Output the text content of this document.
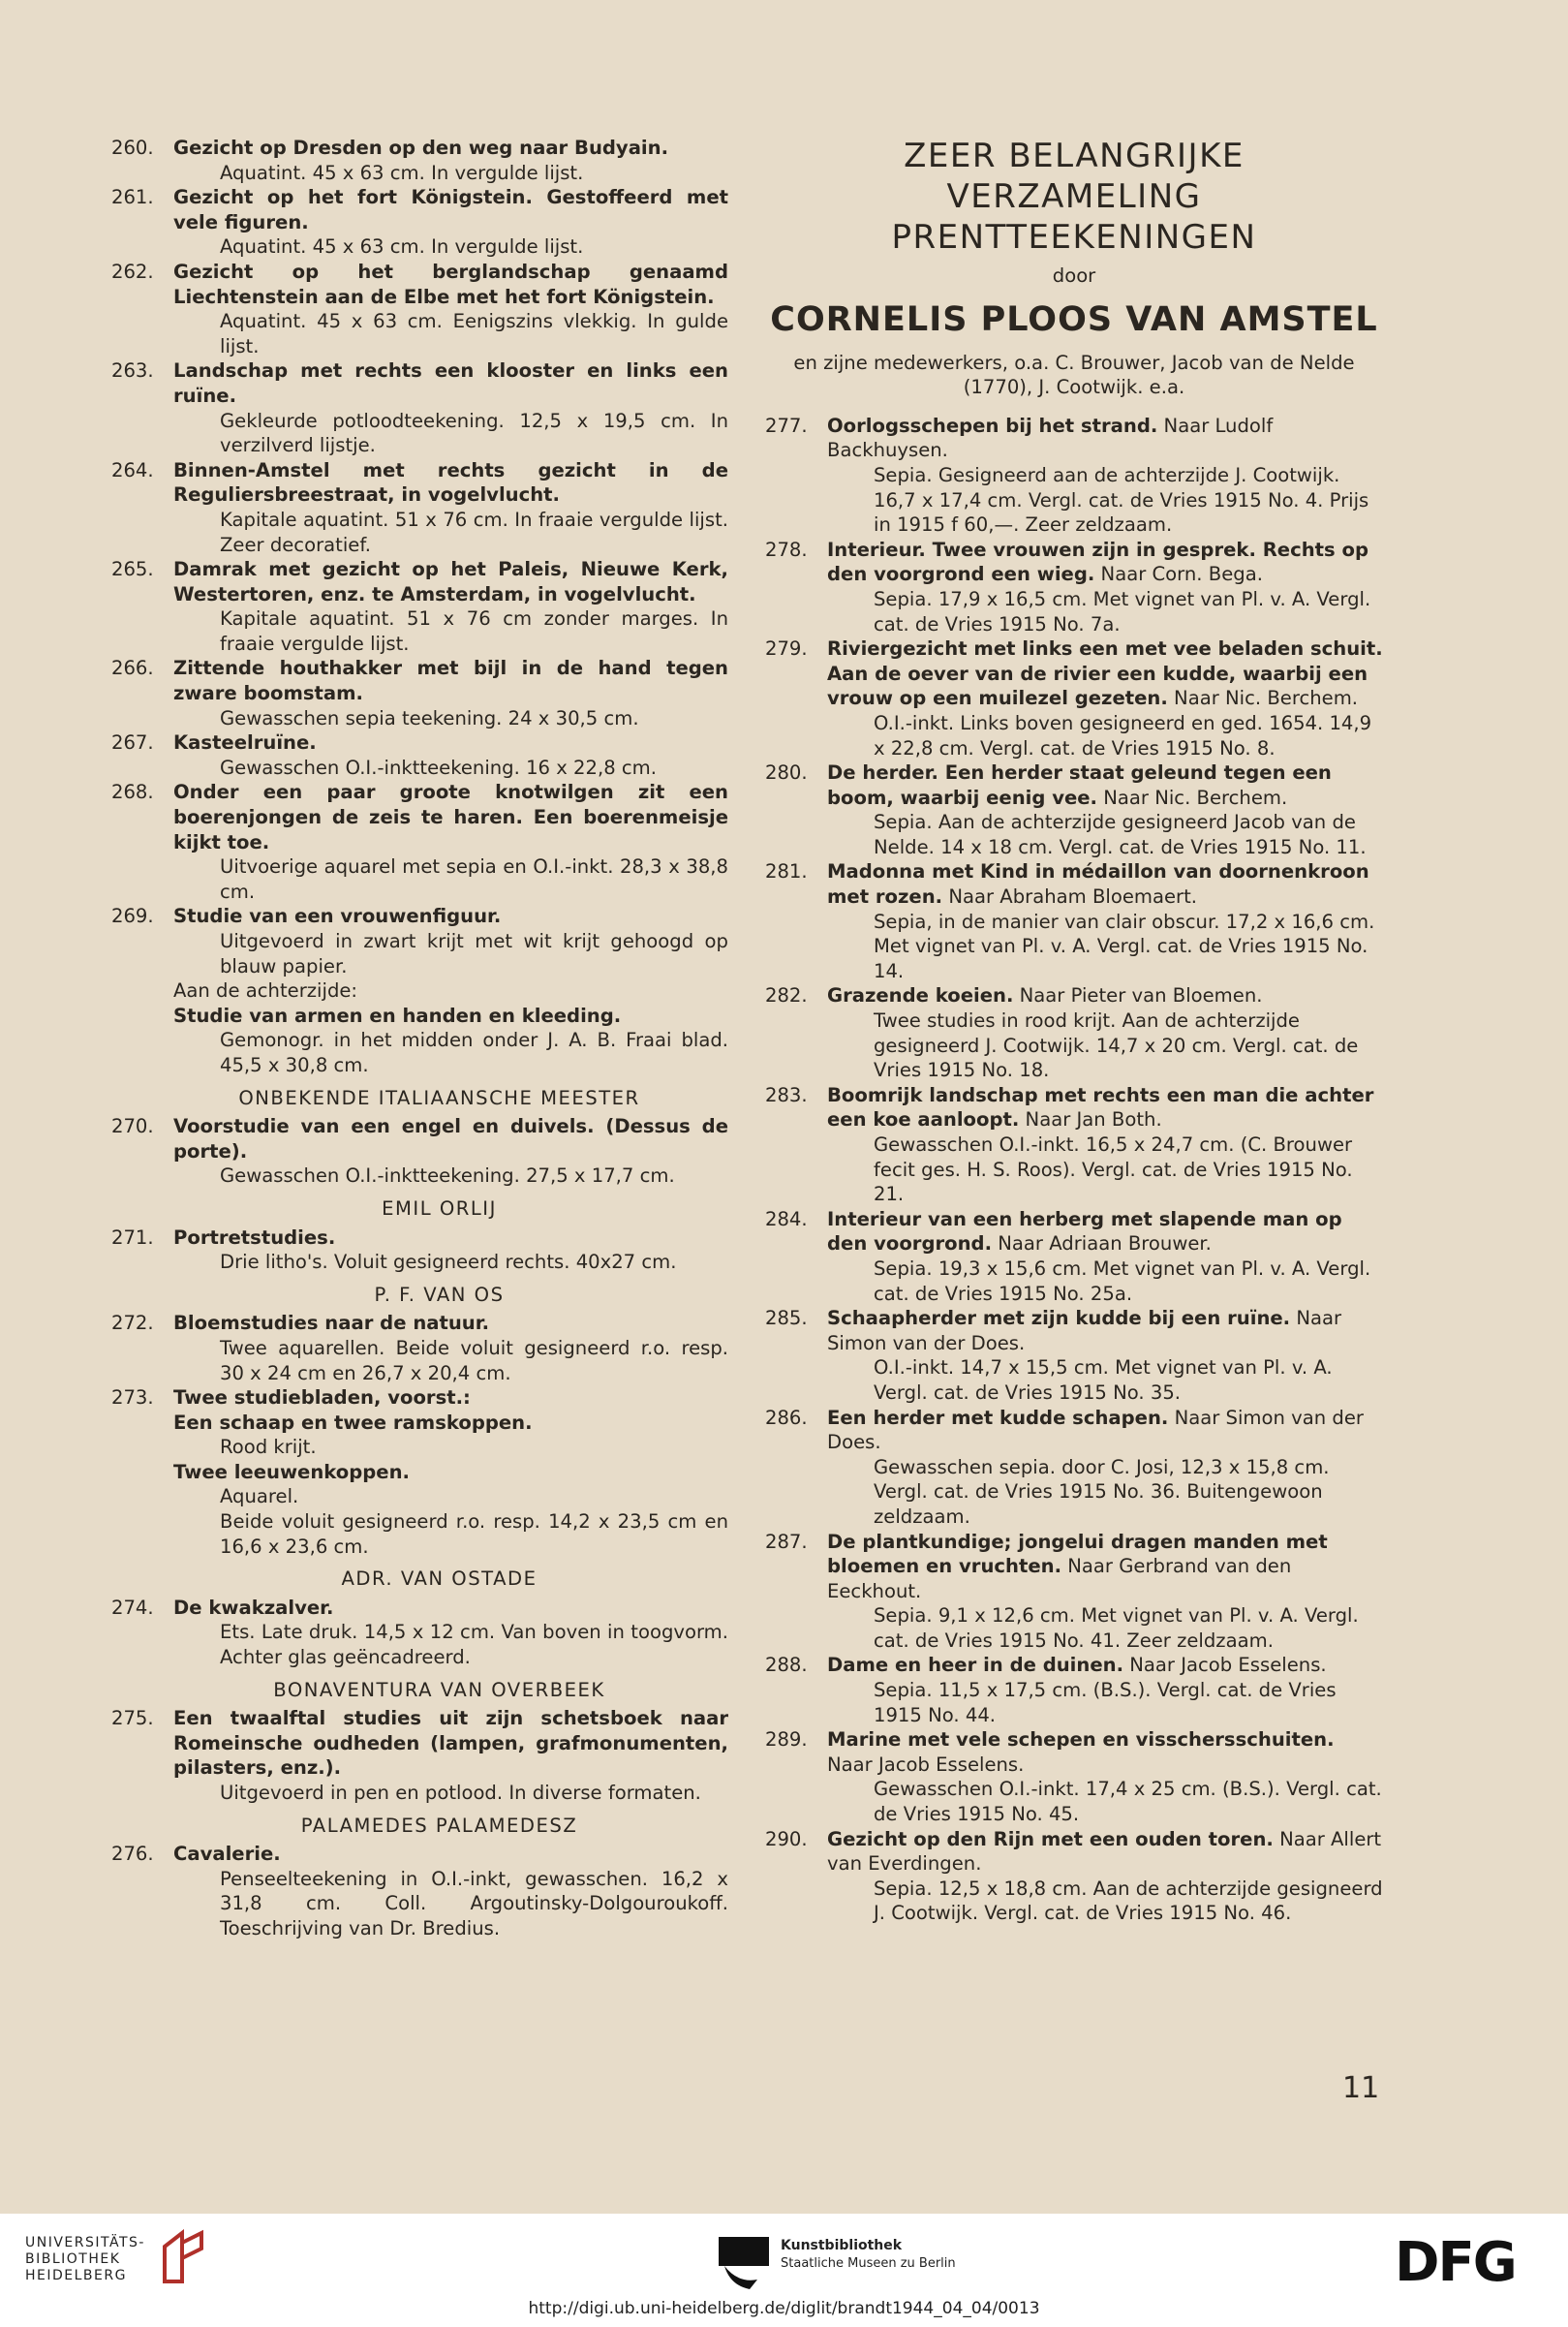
260.	Gezicht op Dresden op den weg naar Budyain.
Aquatint. 45 x 63 cm. In vergulde lijst.
261.	Gezicht op het fort Königstein. Gestoffeerd met vele figuren.
Aquatint. 45 x 63 cm. In vergulde lijst.
262.	Gezicht op het berglandschap genaamd Liechtenstein aan de Elbe met het fort Königstein.
Aquatint. 45 x 63 cm. Eenigszins vlekkig. In gulde lijst.
263.	Landschap met rechts een klooster en links een ruïne.
Gekleurde potloodteekening. 12,5 x 19,5 cm. In verzilverd lijstje.
264.	Binnen-Amstel met rechts gezicht in de Reguliersbreestraat, in vogelvlucht.
Kapitale aquatint. 51 x 76 cm. In fraaie vergulde lijst. Zeer decoratief.
265.	Damrak met gezicht op het Paleis, Nieuwe Kerk, Westertoren, enz. te Amsterdam, in vogelvlucht.
Kapitale aquatint. 51 x 76 cm zonder marges. In fraaie vergulde lijst.
266.	Zittende houthakker met bijl in de hand tegen zware boomstam.
Gewasschen sepia teekening. 24 x 30,5 cm.
267.	Kasteelruïne.
Gewasschen O.I.-inktteekening. 16 x 22,8 cm.
268.	Onder een paar groote knotwilgen zit een boerenjongen de zeis te haren. Een boerenmeisje kijkt toe.
Uitvoerige aquarel met sepia en O.I.-inkt. 28,3 x 38,8 cm.
269.	Studie van een vrouwenfiguur.
Uitgevoerd in zwart krijt met wit krijt gehoogd op blauw papier.
Aan de achterzijde:
Studie van armen en handen en kleeding.
Gemonogr. in het midden onder J. A. B. Fraai blad. 45,5 x 30,8 cm.
ONBEKENDE ITALIAANSCHE MEESTER
270.	Voorstudie van een engel en duivels. (Dessus de porte).
Gewasschen O.I.-inktteekening. 27,5 x 17,7 cm.
EMIL ORLIJ
271.	Portretstudies.
Drie litho's. Voluit gesigneerd rechts. 40x27 cm.
P. F. VAN OS
272.	Bloemstudies naar de natuur.
Twee aquarellen. Beide voluit gesigneerd r.o. resp. 30 x 24 cm en 26,7 x 20,4 cm.
273.	Twee studiebladen, voorst.:
Een schaap en twee ramskoppen.
Rood krijt.
Twee leeuwenkoppen.
Aquarel.
Beide voluit gesigneerd r.o. resp. 14,2 x 23,5 cm en 16,6 x 23,6 cm.
ADR. VAN OSTADE
274.	De kwakzalver.
Ets. Late druk. 14,5 x 12 cm. Van boven in toogvorm. Achter glas geëncadreerd.
BONAVENTURA VAN OVERBEEK
275.	Een twaalftal studies uit zijn schetsboek naar Romeinsche oudheden (lampen, grafmonumenten, pilasters, enz.).
Uitgevoerd in pen en potlood. In diverse formaten.
PALAMEDES PALAMEDESZ
276.	Cavalerie.
Penseelteekening in O.I.-inkt, gewasschen. 16,2 x 31,8 cm. Coll. Argoutinsky-Dolgouroukoff. Toeschrijving van Dr. Bredius.
ZEER BELANGRIJKE
VERZAMELING PRENTTEEKENINGEN
door
CORNELIS PLOOS VAN AMSTEL
en zijne medewerkers, o.a. C. Brouwer, Jacob van de Nelde (1770), J. Cootwijk. e.a.
277.	Oorlogsschepen bij het strand. Naar Ludolf Backhuysen.
Sepia. Gesigneerd aan de achterzijde J. Cootwijk. 16,7 x 17,4 cm. Vergl. cat. de Vries 1915 No. 4. Prijs in 1915 f 60,—. Zeer zeldzaam.
278.	Interieur. Twee vrouwen zijn in gesprek. Rechts op den voorgrond een wieg. Naar Corn. Bega.
Sepia. 17,9 x 16,5 cm. Met vignet van Pl. v. A. Vergl. cat. de Vries 1915 No. 7a.
279.	Riviergezicht met links een met vee beladen schuit. Aan de oever van de rivier een kudde, waarbij een vrouw op een muilezel gezeten. Naar Nic. Berchem.
O.I.-inkt. Links boven gesigneerd en ged. 1654. 14,9 x 22,8 cm. Vergl. cat. de Vries 1915 No. 8.
280.	De herder. Een herder staat geleund tegen een boom, waarbij eenig vee. Naar Nic. Berchem.
Sepia. Aan de achterzijde gesigneerd Jacob van de Nelde. 14 x 18 cm. Vergl. cat. de Vries 1915 No. 11.
281.	Madonna met Kind in médaillon van doornenkroon met rozen. Naar Abraham Bloemaert.
Sepia, in de manier van clair obscur. 17,2 x 16,6 cm. Met vignet van Pl. v. A. Vergl. cat. de Vries 1915 No. 14.
282.	Grazende koeien. Naar Pieter van Bloemen.
Twee studies in rood krijt. Aan de achterzijde gesigneerd J. Cootwijk. 14,7 x 20 cm. Vergl. cat. de Vries 1915 No. 18.
283.	Boomrijk landschap met rechts een man die achter een koe aanloopt. Naar Jan Both.
Gewasschen O.I.-inkt. 16,5 x 24,7 cm. (C. Brouwer fecit ges. H. S. Roos). Vergl. cat. de Vries 1915 No. 21.
284.	Interieur van een herberg met slapende man op den voorgrond. Naar Adriaan Brouwer.
Sepia. 19,3 x 15,6 cm. Met vignet van Pl. v. A. Vergl. cat. de Vries 1915 No. 25a.
285.	Schaapherder met zijn kudde bij een ruïne. Naar Simon van der Does.
O.I.-inkt. 14,7 x 15,5 cm. Met vignet van Pl. v. A. Vergl. cat. de Vries 1915 No. 35.
286.	Een herder met kudde schapen. Naar Simon van der Does.
Gewasschen sepia. door C. Josi, 12,3 x 15,8 cm. Vergl. cat. de Vries 1915 No. 36. Buitengewoon zeldzaam.
287.	De plantkundige; jongelui dragen manden met bloemen en vruchten. Naar Gerbrand van den Eeckhout.
Sepia. 9,1 x 12,6 cm. Met vignet van Pl. v. A. Vergl. cat. de Vries 1915 No. 41. Zeer zeldzaam.
288.	Dame en heer in de duinen. Naar Jacob Esselens.
Sepia. 11,5 x 17,5 cm. (B.S.). Vergl. cat. de Vries 1915 No. 44.
289.	Marine met vele schepen en visschersschuiten. Naar Jacob Esselens.
Gewasschen O.I.-inkt. 17,4 x 25 cm. (B.S.). Vergl. cat. de Vries 1915 No. 45.
290.	Gezicht op den Rijn met een ouden toren. Naar Allert van Everdingen.
Sepia. 12,5 x 18,8 cm. Aan de achterzijde gesigneerd J. Cootwijk. Vergl. cat. de Vries 1915 No. 46.
11
UNIVERSITÄTS-
BIBLIOTHEK
HEIDELBERG
Kunstbibliothek
Staatliche Museen zu Berlin	DFG
http://digi.ub.uni-heidelberg.de/diglit/brandt1944_04_04/0013
